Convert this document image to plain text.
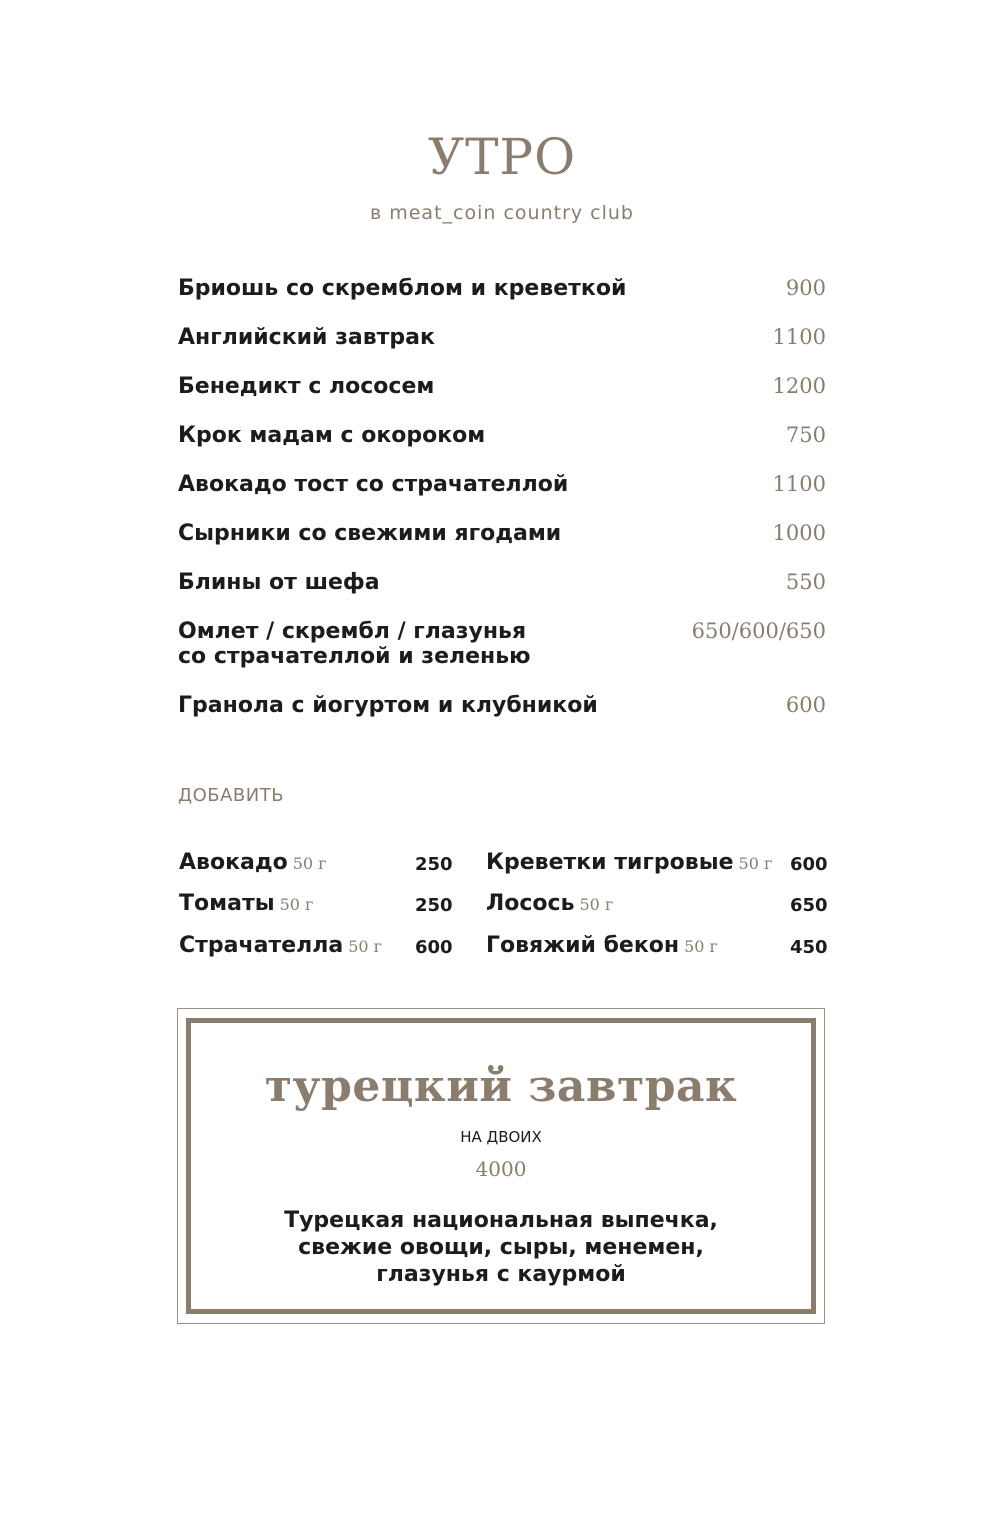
УТРО
в meat_coin country club
Бриошь со скремблом и креветкой	900
Английский завтрак	1100
Бенедикт с лососем	1200
Крок мадам с окороком	750
Авокадо тост со страчателлой	1100
Сырники со свежими ягодами	1000
Блины от шефа	550
Омлет / скрембл / глазунья
со страчателлой и зеленью
650/600/650
Гранола с йогуртом и клубникой	600
ДОБАВИТЬ
Авокадо 50 г	250
Томаты 50 г	250
Страчателла 50 г 600
Креветки тигровые 50 г 600
Лосось 50 г	650
Говяжий бекон 50 г	450
турецкий завтрак
НА ДВОИХ
4000
Турецкая национальная выпечка,
свежие овощи, сыры, менемен,
глазунья с каурмой
